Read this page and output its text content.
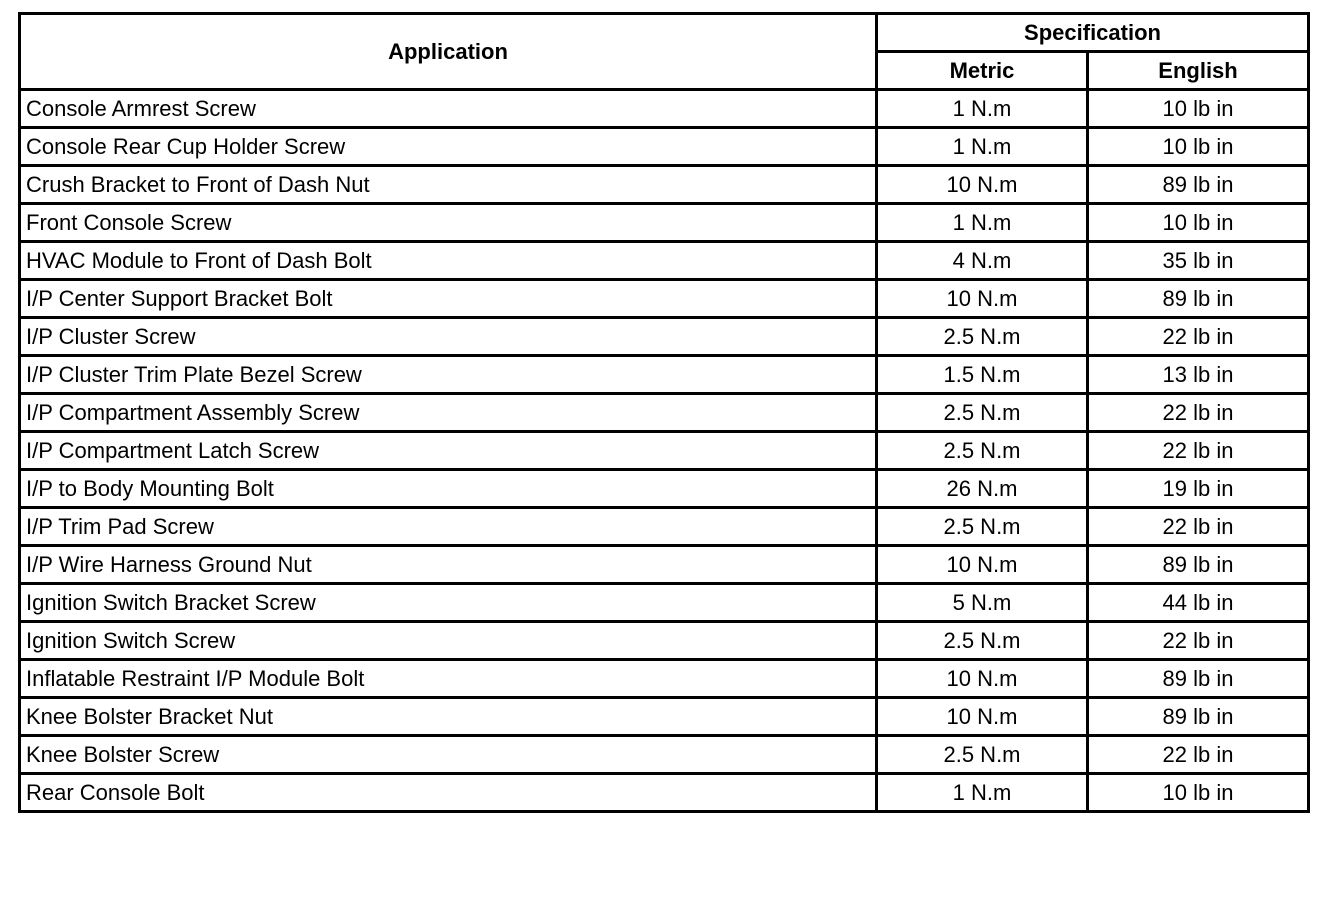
Application	Specification	
	Metric	English
Console Armrest Screw	1 N.m	10 lb in
Console Rear Cup Holder Screw	1 N.m	10 lb in
Crush Bracket to Front of Dash Nut	10 N.m	89 lb in
Front Console Screw	1 N.m	10 lb in
HVAC Module to Front of Dash Bolt	4 N.m	35 lb in
I/P Center Support Bracket Bolt	10 N.m	89 lb in
I/P Cluster Screw	2.5 N.m	22 lb in
I/P Cluster Trim Plate Bezel Screw	1.5 N.m	13 lb in
I/P Compartment Assembly Screw	2.5 N.m	22 lb in
I/P Compartment Latch Screw	2.5 N.m	22 lb in
I/P to Body Mounting Bolt	26 N.m	19 lb in
I/P Trim Pad Screw	2.5 N.m	22 lb in
I/P Wire Harness Ground Nut	10 N.m	89 lb in
Ignition Switch Bracket Screw	5 N.m	44 lb in
Ignition Switch Screw	2.5 N.m	22 lb in
Inflatable Restraint I/P Module Bolt	10 N.m	89 lb in
Knee Bolster Bracket Nut	10 N.m	89 lb in
Knee Bolster Screw	2.5 N.m	22 lb in
Rear Console Bolt	1 N.m	10 lb in
